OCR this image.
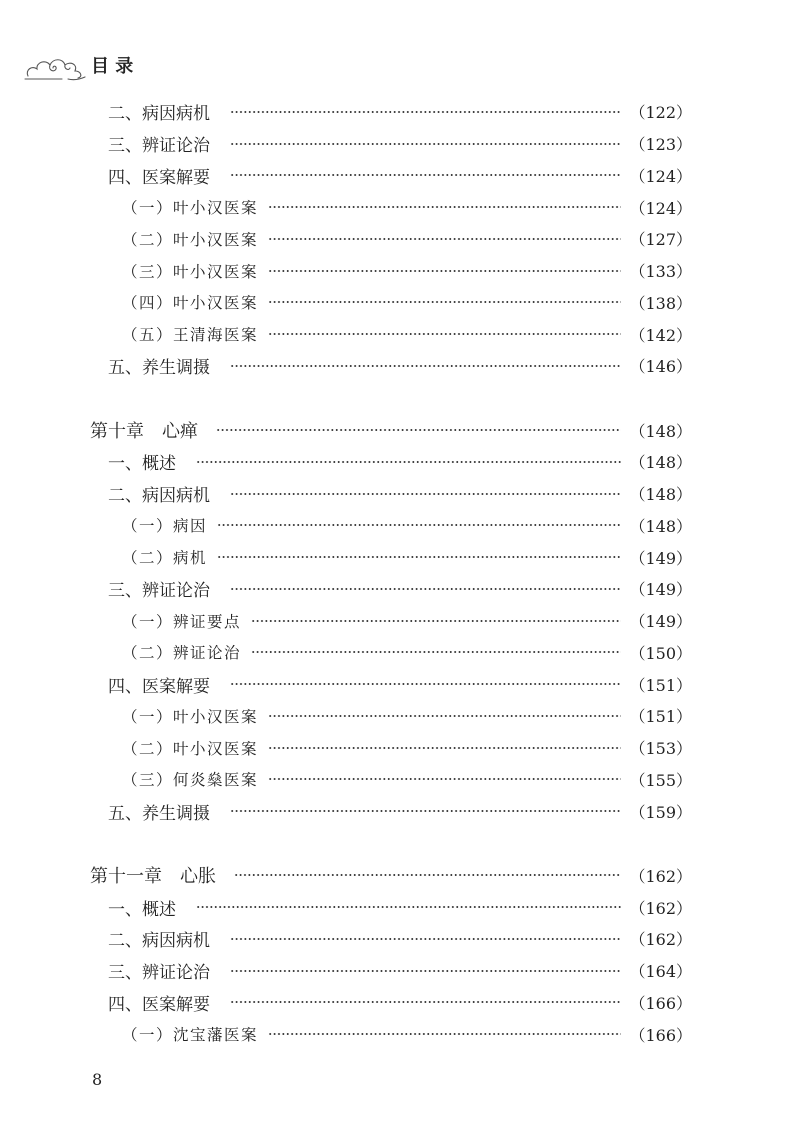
目 录
二、病因病机	（122）
三、辨证论治	（123）
四、医案解要	（124）
（一）叶小汉医案	（124）
（二）叶小汉医案	（127）
（三）叶小汉医案	（133）
（四）叶小汉医案	（138）
（五）王清海医案	（142）
五、养生调摄	（146）
第十章　心瘅	（148）
一、概述	（148）
二、病因病机	（148）
（一）病因	（148）
（二）病机	（149）
三、辨证论治	（149）
（一）辨证要点	（149）
（二）辨证论治	（150）
四、医案解要	（151）
（一）叶小汉医案	（151）
（二）叶小汉医案	（153）
（三）何炎燊医案	（155）
五、养生调摄	（159）
第十一章　心胀	（162）
一、概述	（162）
二、病因病机	（162）
三、辨证论治	（164）
四、医案解要	（166）
（一）沈宝藩医案	（166）
8
